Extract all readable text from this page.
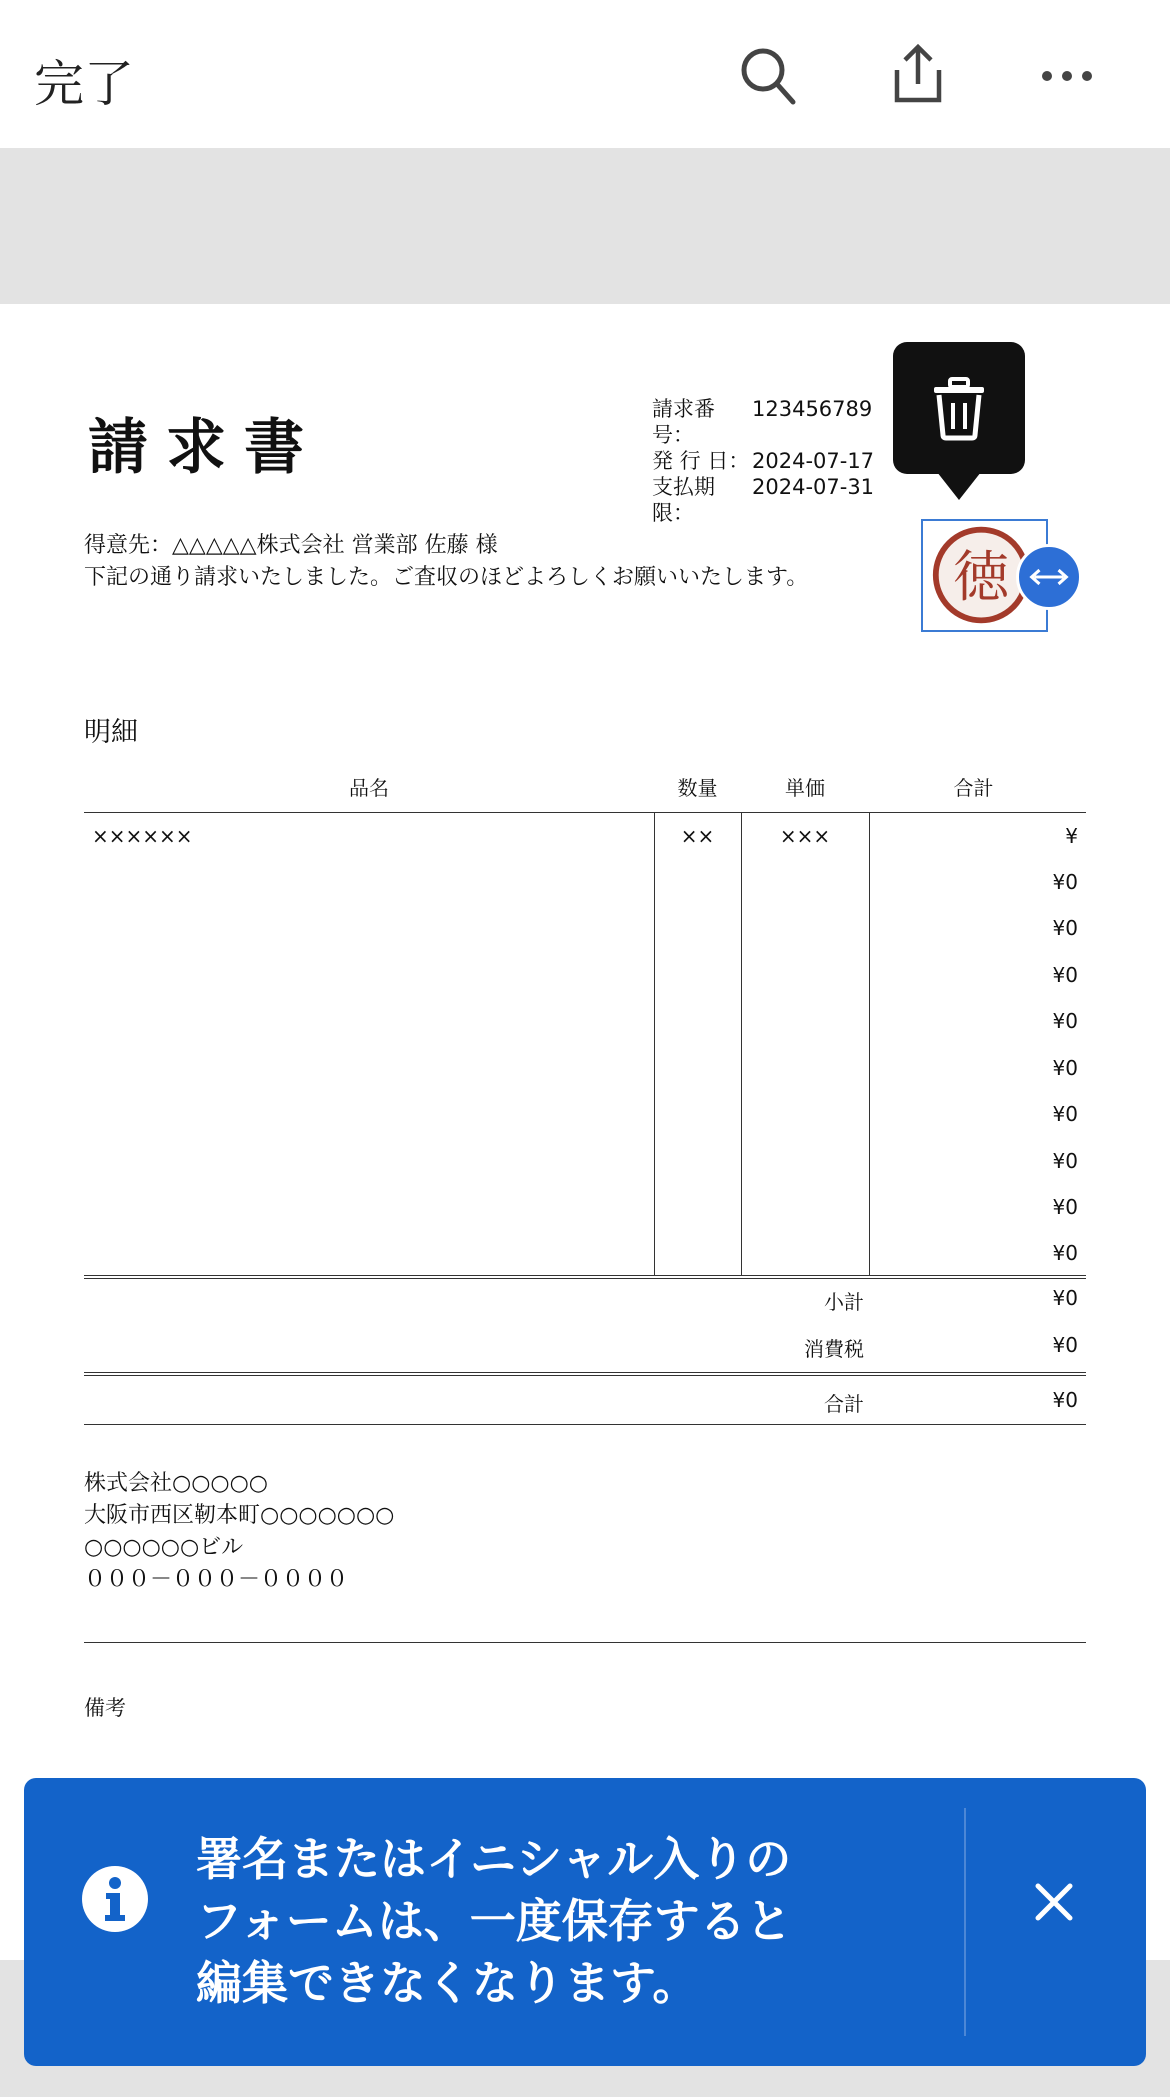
完了
請求書
請求番号：
123456789
発 行 日： 2024-07-17
支払期限：
2024-07-31
得意先：△△△△△株式会社 営業部 佐藤 様
下記の通り請求いたしました。ご査収のほどよろしくお願いいたします。
明細
品名	数量	単価	合計
××××××	××	×××	¥
			¥0
			¥0
			¥0
			¥0
			¥0
			¥0
			¥0
			¥0
			¥0
小計	¥0
消費税	¥0
合計	¥0
株式会社○○○○○
大阪市西区靭本町○○○○○○○
○○○○○○ビル
０００－０００－００００
備考
徳
署名またはイニシャル入りの
フォームは、一度保存すると
編集できなくなります。
